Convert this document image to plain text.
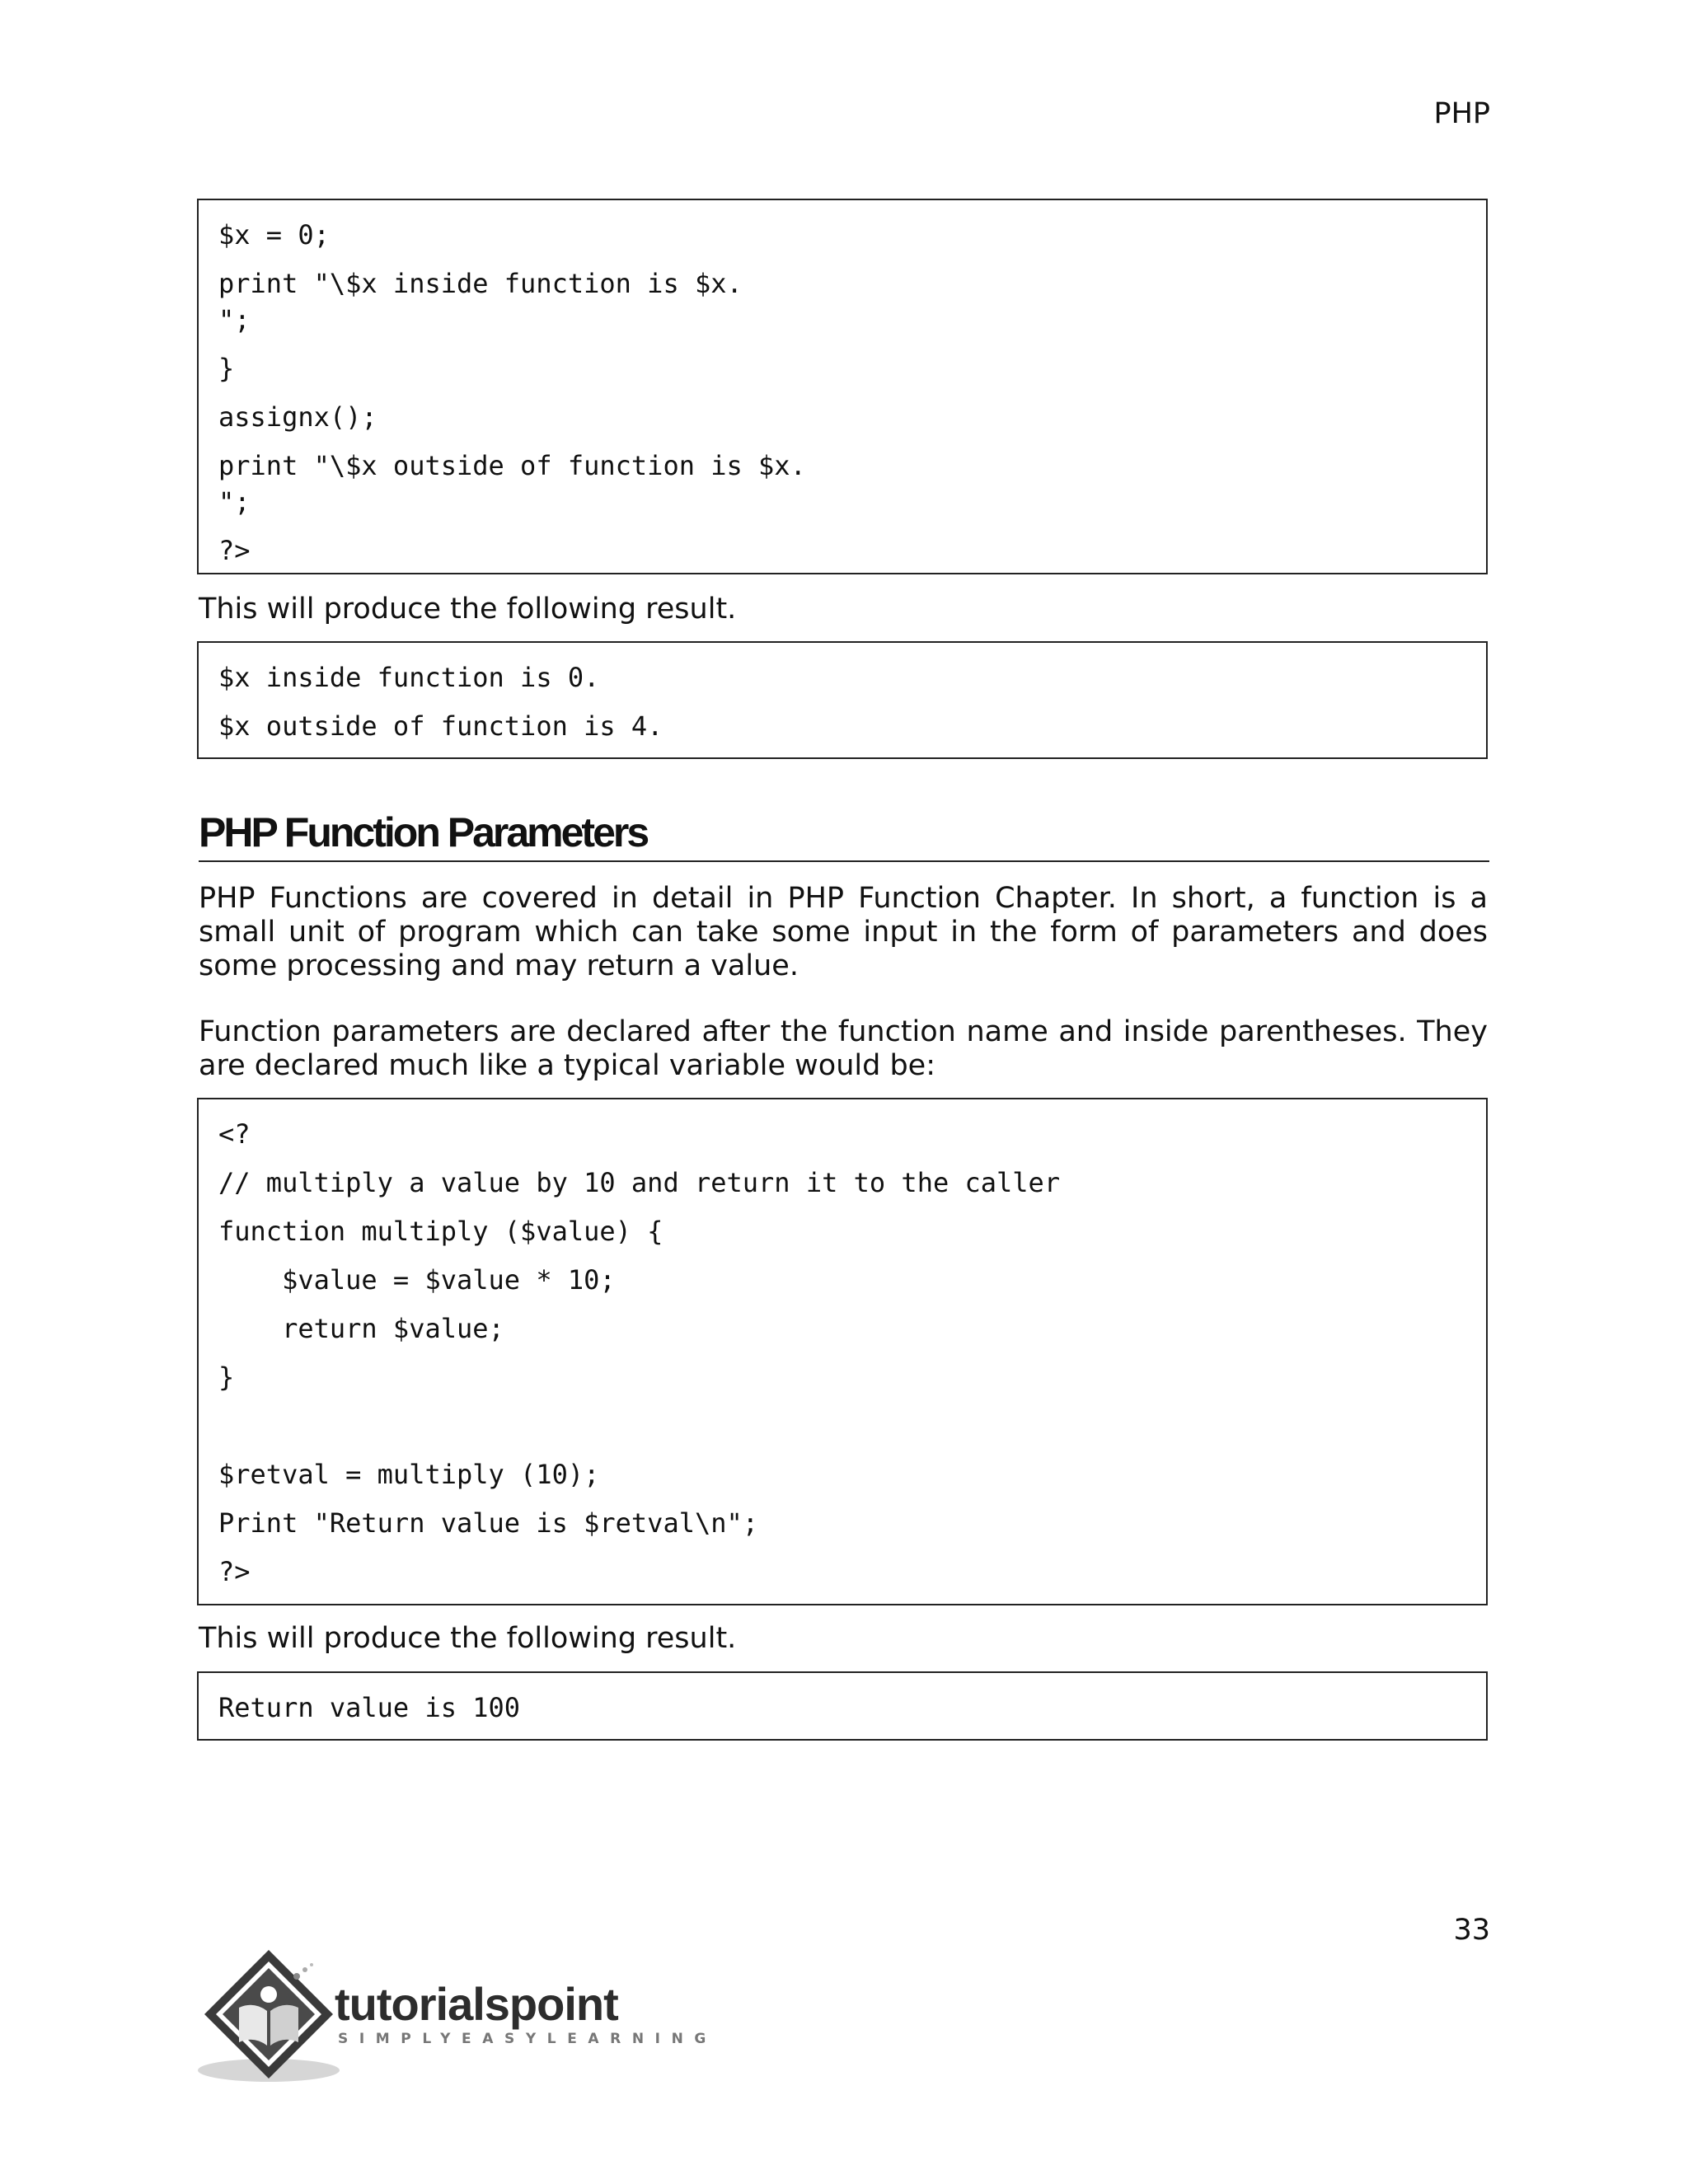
PHP
$x = 0;
print "\$x inside function is $x.
";
}
assignx();
print "\$x outside of function is $x.
";
?>

This will produce the following result.

$x inside function is 0.
$x outside of function is 4.
PHP Function Parameters

PHP Functions are covered in detail in PHP Function Chapter. In short, a function is a small unit of program which can take some input in the form of parameters and does some processing and may return a value.

Function parameters are declared after the function name and inside parentheses. They are declared much like a typical variable would be:

<?
// multiply a value by 10 and return it to the caller
function multiply ($value) {
$value = $value * 10;
return $value;
}
$retval = multiply (10);
Print "Return value is $retval\n";
?>

This will produce the following result.

Return value is 100
33
tutorialspoint
SIMPLYEASYLEARNING
